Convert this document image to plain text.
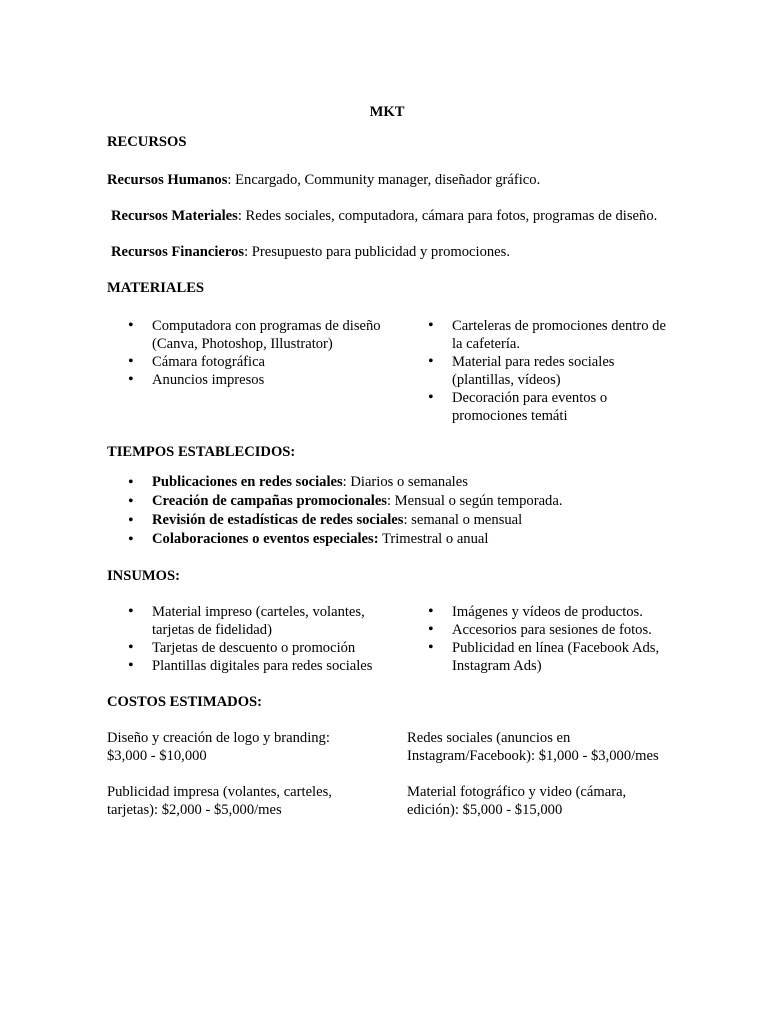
MKT

RECURSOS

Recursos Humanos: Encargado, Community manager, diseñador gráfico.

Recursos Materiales: Redes sociales, computadora, cámara para fotos, programas de diseño.

Recursos Financieros: Presupuesto para publicidad y promociones.

MATERIALES

• Computadora con programas de diseño (Canva, Photoshop, Illustrator)
• Cámara fotográfica
• Anuncios impresos
• Carteleras de promociones dentro de la cafetería.
• Material para redes sociales (plantillas, vídeos)
• Decoración para eventos o promociones temáti

TIEMPOS ESTABLECIDOS:

• Publicaciones en redes sociales: Diarios o semanales
• Creación de campañas promocionales: Mensual o según temporada.
• Revisión de estadísticas de redes sociales: semanal o mensual
• Colaboraciones o eventos especiales: Trimestral o anual

INSUMOS:

• Material impreso (carteles, volantes, tarjetas de fidelidad)
• Tarjetas de descuento o promoción
• Plantillas digitales para redes sociales
• Imágenes y vídeos de productos.
• Accesorios para sesiones de fotos.
• Publicidad en línea (Facebook Ads, Instagram Ads)

COSTOS ESTIMADOS:

Diseño y creación de logo y branding: $3,000 - $10,000

Publicidad impresa (volantes, carteles, tarjetas): $2,000 - $5,000/mes

Redes sociales (anuncios en Instagram/Facebook): $1,000 - $3,000/mes

Material fotográfico y video (cámara, edición): $5,000 - $15,000
